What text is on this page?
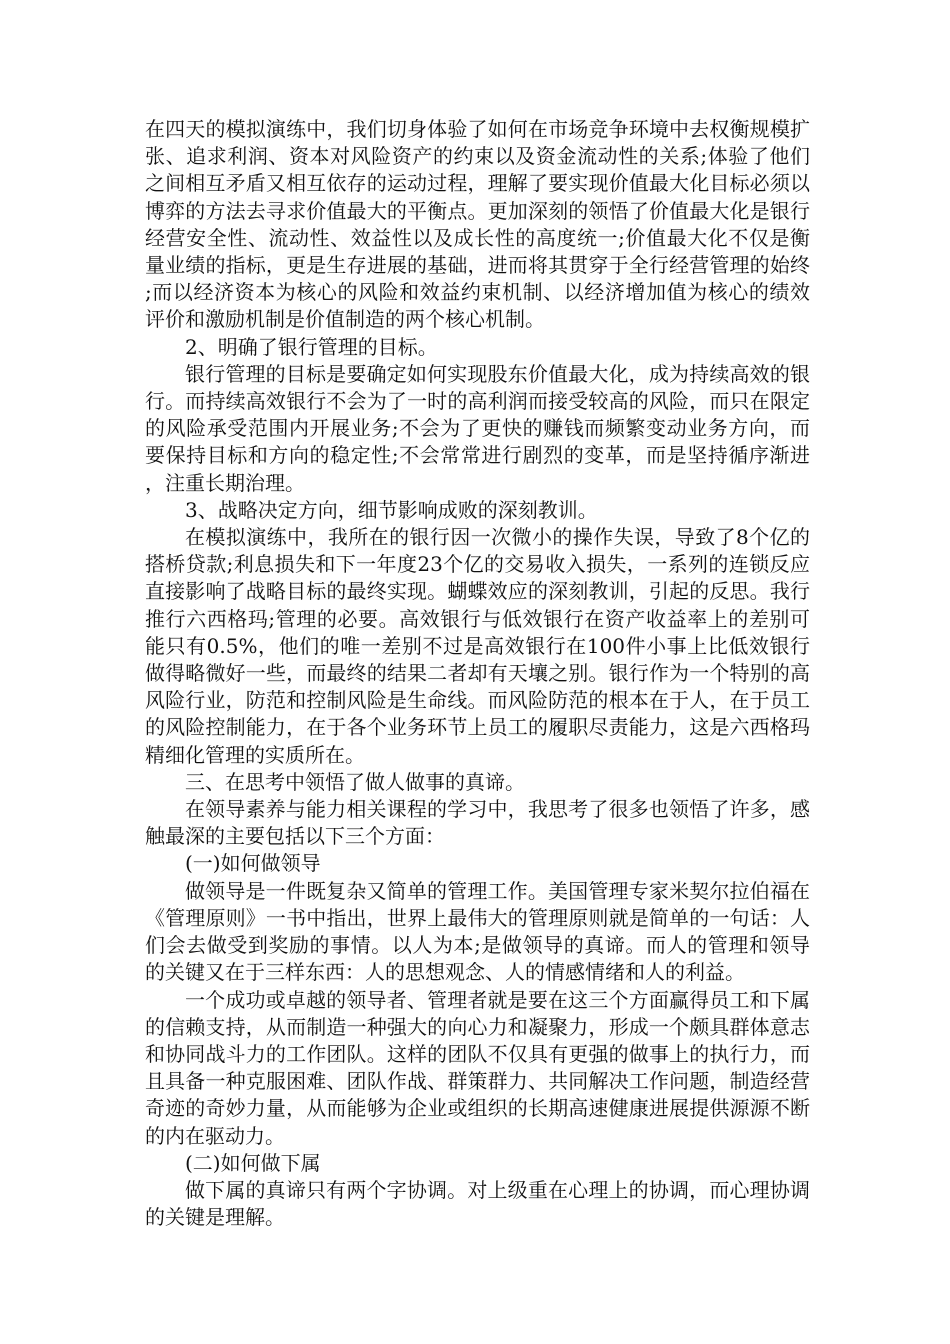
在四天的模拟演练中，我们切身体验了如何在市场竞争环境中去权衡规模扩张、追求利润、资本对风险资产的约束以及资金流动性的关系;体验了他们之间相互矛盾又相互依存的运动过程，理解了要实现价值最大化目标必须以博弈的方法去寻求价值最大的平衡点。更加深刻的领悟了价值最大化是银行经营安全性、流动性、效益性以及成长性的高度统一;价值最大化不仅是衡量业绩的指标，更是生存进展的基础，进而将其贯穿于全行经营管理的始终;而以经济资本为核心的风险和效益约束机制、以经济增加值为核心的绩效评价和激励机制是价值制造的两个核心机制。

2、明确了银行管理的目标。

银行管理的目标是要确定如何实现股东价值最大化，成为持续高效的银行。而持续高效银行不会为了一时的高利润而接受较高的风险，而只在限定的风险承受范围内开展业务;不会为了更快的赚钱而频繁变动业务方向，而要保持目标和方向的稳定性;不会常常进行剧烈的变革，而是坚持循序渐进，注重长期治理。

3、战略决定方向，细节影响成败的深刻教训。

在模拟演练中，我所在的银行因一次微小的操作失误，导致了8个亿的搭桥贷款;利息损失和下一年度23个亿的交易收入损失，一系列的连锁反应直接影响了战略目标的最终实现。蝴蝶效应的深刻教训，引起的反思。我行推行六西格玛;管理的必要。高效银行与低效银行在资产收益率上的差别可能只有0.5%，他们的唯一差别不过是高效银行在100件小事上比低效银行做得略微好一些，而最终的结果二者却有天壤之别。银行作为一个特别的高风险行业，防范和控制风险是生命线。而风险防范的根本在于人，在于员工的风险控制能力，在于各个业务环节上员工的履职尽责能力，这是六西格玛精细化管理的实质所在。

三、在思考中领悟了做人做事的真谛。

在领导素养与能力相关课程的学习中，我思考了很多也领悟了许多，感触最深的主要包括以下三个方面：

(一)如何做领导

做领导是一件既复杂又简单的管理工作。美国管理专家米契尔拉伯福在《管理原则》一书中指出，世界上最伟大的管理原则就是简单的一句话：人们会去做受到奖励的事情。以人为本;是做领导的真谛。而人的管理和领导的关键又在于三样东西：人的思想观念、人的情感情绪和人的利益。

一个成功或卓越的领导者、管理者就是要在这三个方面赢得员工和下属的信赖支持，从而制造一种强大的向心力和凝聚力，形成一个颇具群体意志和协同战斗力的工作团队。这样的团队不仅具有更强的做事上的执行力，而且具备一种克服困难、团队作战、群策群力、共同解决工作问题，制造经营奇迹的奇妙力量，从而能够为企业或组织的长期高速健康进展提供源源不断的内在驱动力。

(二)如何做下属

做下属的真谛只有两个字协调。对上级重在心理上的协调，而心理协调的关键是理解。
